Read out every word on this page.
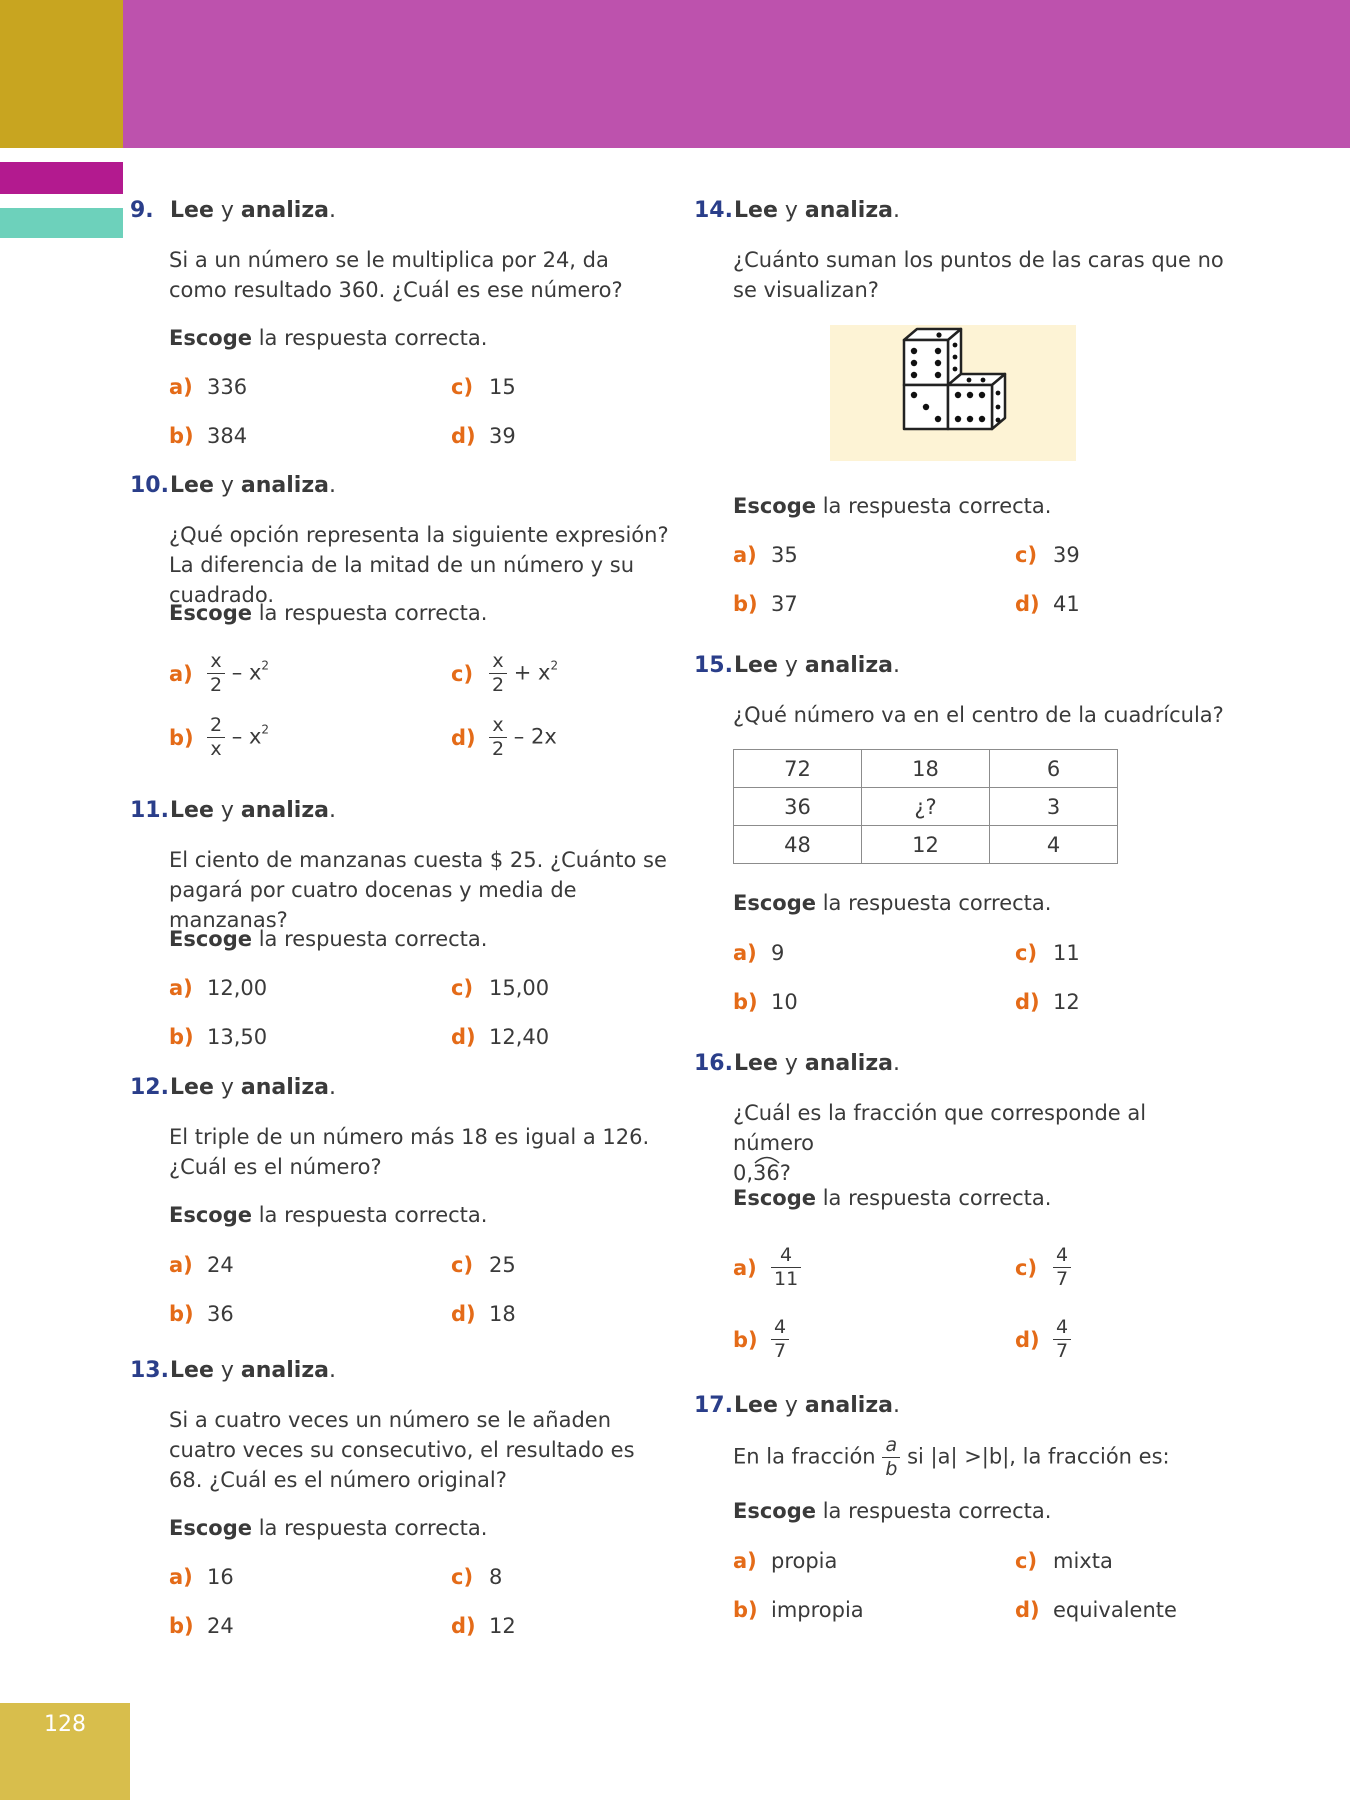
9. Lee y analiza.
Si a un número se le multiplica por 24, da como resultado 360. ¿Cuál es ese número?
Escoge la respuesta correcta.
a) 336
b) 384
c) 15
d) 39
10.Lee y analiza.
¿Qué opción representa la siguiente expresión? La diferencia de la mitad de un número y su cuadrado.
Escoge la respuesta correcta.
$a) \frac{x}{2} - x^2$
$b) \frac{2}{x} - x^2$
$c) \frac{x}{2} + x^2$
$d) \frac{x}{2} - 2x$
11.Lee y analiza.
El ciento de manzanas cuesta $ 25. ¿Cuánto se pagará por cuatro docenas y media de manzanas?
Escoge la respuesta correcta.
a) 12,00
b) 13,50
c) 15,00
d) 12,40
12.Lee y analiza.
El triple de un número más 18 es igual a 126. ¿Cuál es el número?
Escoge la respuesta correcta.
a) 24
b) 36
c) 25
d) 18
13.Lee y analiza.
Si a cuatro veces un número se le añaden cuatro veces su consecutivo, el resultado es 68. ¿Cuál es el número original?
Escoge la respuesta correcta.
a) 16
b) 24
c) 8
d) 12
14.Lee y analiza.
¿Cuánto suman los puntos de las caras que no se visualizan?
Escoge la respuesta correcta.
a) 35
b) 37
c) 39
d) 41
15.Lee y analiza.
¿Qué número va en el centro de la cuadrícula?
72	18	6
36	¿?	3
48	12	4
Escoge la respuesta correcta.
a) 9
b) 10
c) 11
d) 12
16.Lee y analiza.
¿Cuál es la fracción que corresponde al número
0,
36?
Escoge la respuesta correcta.
$a) \frac{4}{11}$
$b) \frac{4}{7}$
$c) \frac{4}{7}$
$d) \frac{4}{7}$
17.Lee y analiza.
En la fracción $\frac{a}{b}$ si |a| >|b|, la fracción es:
Escoge la respuesta correcta.
a) propia
b) impropia
c) mixta
d) equivalente
128
